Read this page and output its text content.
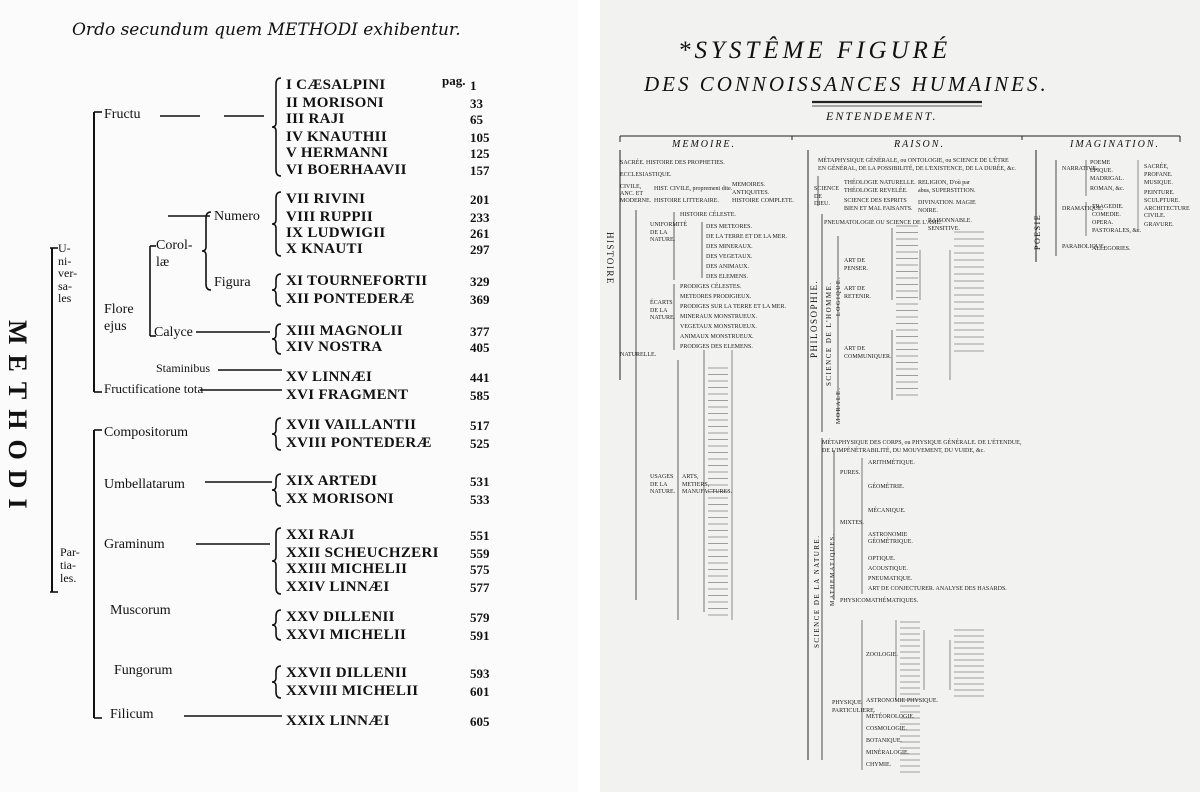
Ordo secundum quem METHODI exhibentur.
pag.
METHODI
U-
ni-
ver-
sa-
les
Par-
tia-
les.
Fructu
Flore
ejus
Corol-
læ
Numero
Figura
Calyce
Staminibus
Fructificatione tota
Compositorum
Umbellatarum
Graminum
Muscorum
Fungorum
Filicum
I CÆSALPINI	1
II MORISONI	33
III RAJI	65
IV KNAUTHII	105
V HERMANNI	125
VI BOERHAAVII	157
VII RIVINI	201
VIII RUPPII	233
IX LUDWIGII	261
X KNAUTI	297
XI TOURNEFORTII	329
XII PONTEDERÆ	369
XIII MAGNOLII	377
XIV NOSTRA	405
XV LINNÆI	441
XVI FRAGMENT	585
XVII VAILLANTII	517
XVIII PONTEDERÆ	525
XIX ARTEDI	531
XX MORISONI	533
XXI RAJI	551
XXII SCHEUCHZERI 559
XXIII MICHELII	575
XXIV LINNÆI	577
XXV DILLENII	579
XXVI MICHELII	591
XXVII DILLENII	593
XXVIII MICHELII	601
XXIX LINNÆI	605
*SYSTÊME FIGURÉ
DES CONNOISSANCES HUMAINES.
ENTENDEMENT.
MEMOIRE.	RAISON.	IMAGINATION.
HISTOIRE
PHILOSOPHIE.
POESIE
SCIENCE DE L'HOMME.
SCIENCE DE LA NATURE. MATHEMATIQUES.
LOGIQUE.
MORALE.
SACRÉE. HISTOIRE DES PROPHETIES.
ECCLESIASTIQUE.
CIVILE, ANC. ET MODERNE.
HIST. CIVILE, proprement dite.
HISTOIRE LITTERAIRE.
MEMOIRES.
ANTIQUITES.
HISTOIRE COMPLETE.
UNIFORMITÉ DE LA NATURE.
HISTOIRE CÉLESTE.
DES METEORES.
DE LA TERRE ET DE LA MER.
DES MINERAUX.
DES VEGETAUX.
DES ANIMAUX.
DES ELEMENS.
ÉCARTS DE LA NATURE.
PRODIGES CÉLESTES.
METEORES PRODIGIEUX.
PRODIGES SUR LA TERRE ET LA MER.
MINERAUX MONSTRUEUX.
VEGETAUX MONSTRUEUX.
ANIMAUX MONSTRUEUX.
PRODIGES DES ELEMENS.
NATURELLE.
USAGES DE LA NATURE.
ARTS, METIERS, MANUFACTURES.
MÉTAPHYSIQUE GÉNÉRALE, ou ONTOLOGIE, ou SCIENCE DE L'ÊTRE EN GÉNÉRAL, DE LA POSSIBILITÉ, DE L'EXISTENCE, DE LA DURÉE, &c.
SCIENCE DE DIEU.
THÉOLOGIE NATURELLE.
THÉOLOGIE REVELÉE.
RELIGION, D'où par abus, SUPERSTITION.
SCIENCE DES ESPRITS BIEN ET MAL FAISANTS.
DIVINATION. MAGIE NOIRE.
PNEUMATOLOGIE OU SCIENCE DE L'AME.
RAISONNABLE.
SENSITIVE.
ART DE PENSER.
ART DE RETENIR.
ART DE COMMUNIQUER.
MÉTAPHYSIQUE DES CORPS, ou PHYSIQUE GÉNÉRALE. DE L'ÉTENDUE, DE L'IMPÉNÉTRABILITÉ, DU MOUVEMENT, DU VUIDE, &c.
PURES.
MIXTES.
ARITHMÉTIQUE.
GÉOMÉTRIE.
MÉCANIQUE.
ASTRONOMIE GÉOMÉTRIQUE.
OPTIQUE.
ACOUSTIQUE.
PNEUMATIQUE.
ART DE CONJECTURER. ANALYSE DES HASARDS.
PHYSICOMATHÉMATIQUES.
PHYSIQUE PARTICULIERE.
ZOOLOGIE.
ASTRONOMIE PHYSIQUE.
MÉTÉOROLOGIE.
COSMOLOGIE.
BOTANIQUE.
MINÉRALOGIE.
CHYMIE.
NARRATIVE.
DRAMATIQUE.
PARABOLIQUE.
ALLEGORIES.
POEME EPIQUE.
MADRIGAL.
ROMAN, &c.
TRAGEDIE.
COMEDIE.
OPERA.
PASTORALES, &c.
SACRÉE, PROFANE.
MUSIQUE.
PEINTURE.
SCULPTURE.
ARCHITECTURE CIVILE.
GRAVURE.
